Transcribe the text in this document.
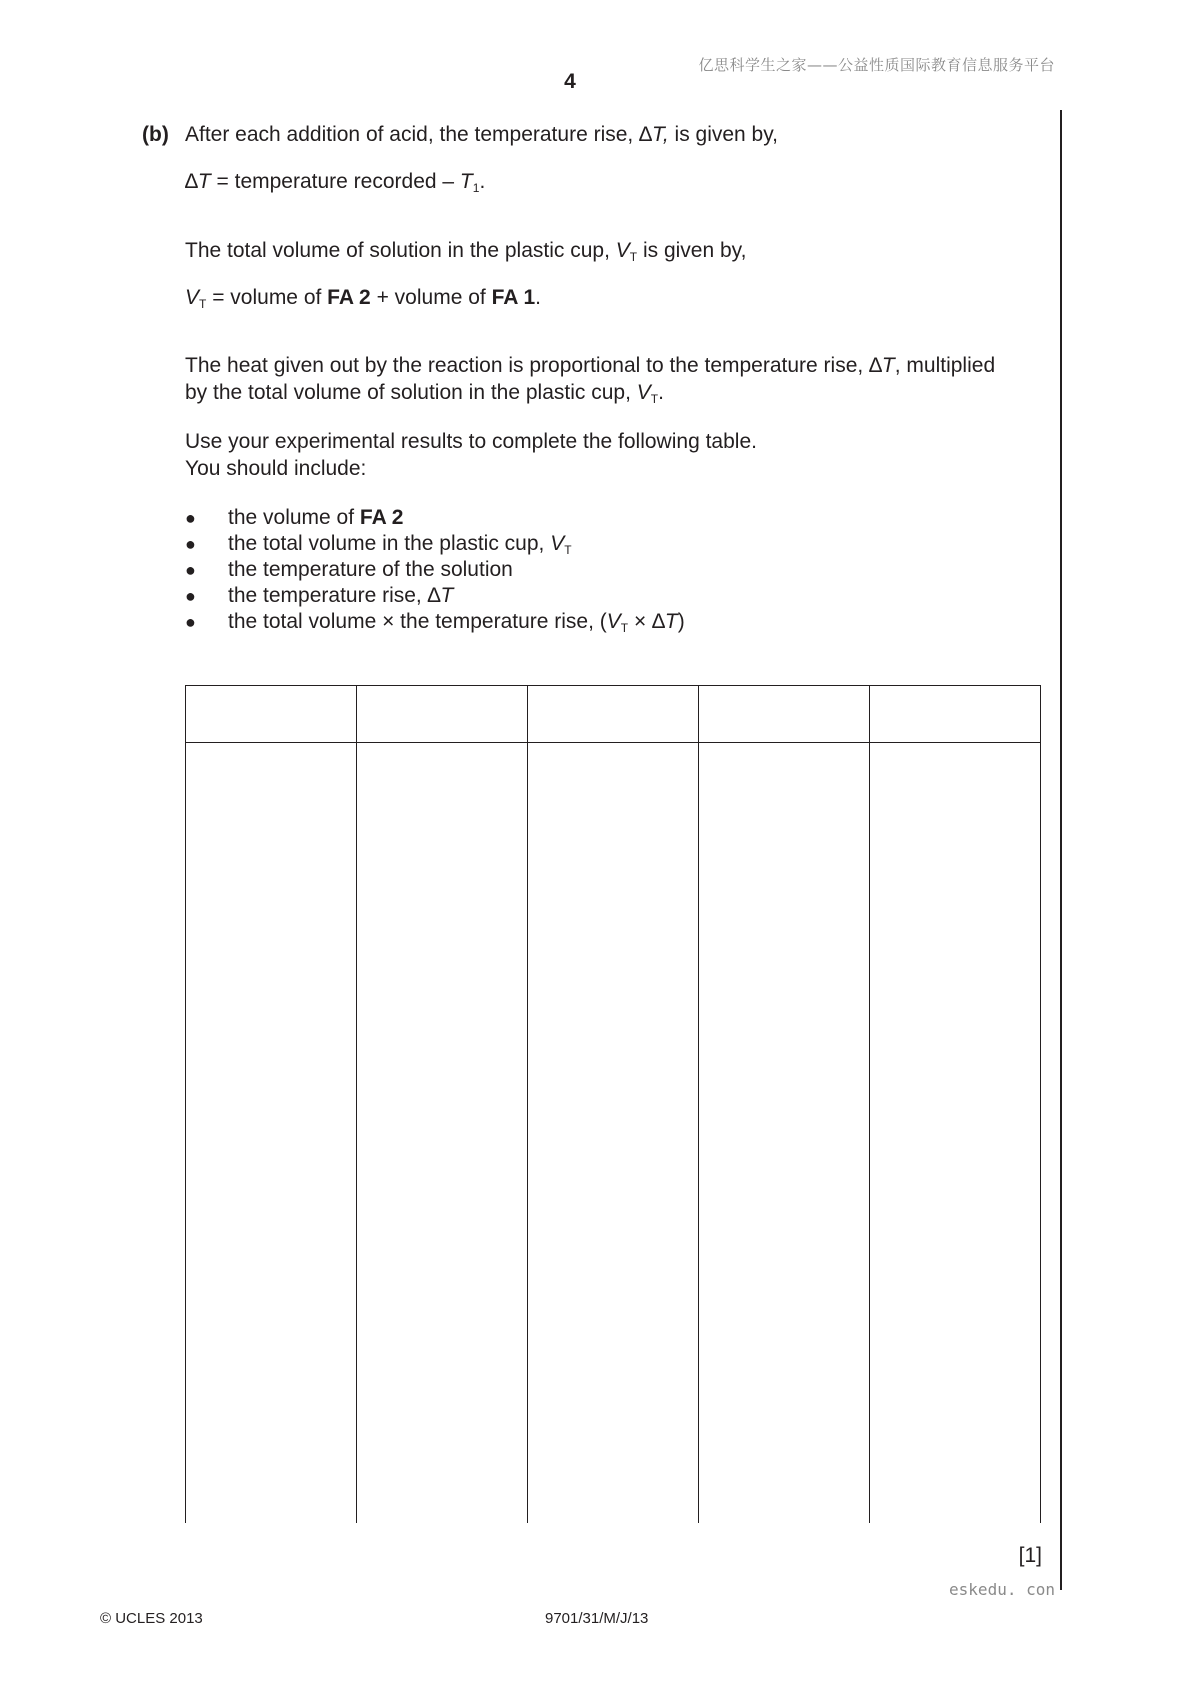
亿思科学生之家——公益性质国际教育信息服务平台
4
(b) After each addition of acid, the temperature rise, ∆T, is given by,
∆T = temperature recorded – $T_1$.
The total volume of solution in the plastic cup, $V_T$ is given by,
$V_T$ = volume of FA 2 + volume of FA 1.
The heat given out by the reaction is proportional to the temperature rise, ∆T, multiplied
by the total volume of solution in the plastic cup, $V_T$.
Use your experimental results to complete the following table.
You should include:
● the volume of FA 2
● the total volume in the plastic cup, $V_T$
● the temperature of the solution
● the temperature rise, ∆T
● the total volume × the temperature rise, $(V_T \times \Delta T)$

[1]
eskedu. con
© UCLES 2013	9701/31/M/J/13
